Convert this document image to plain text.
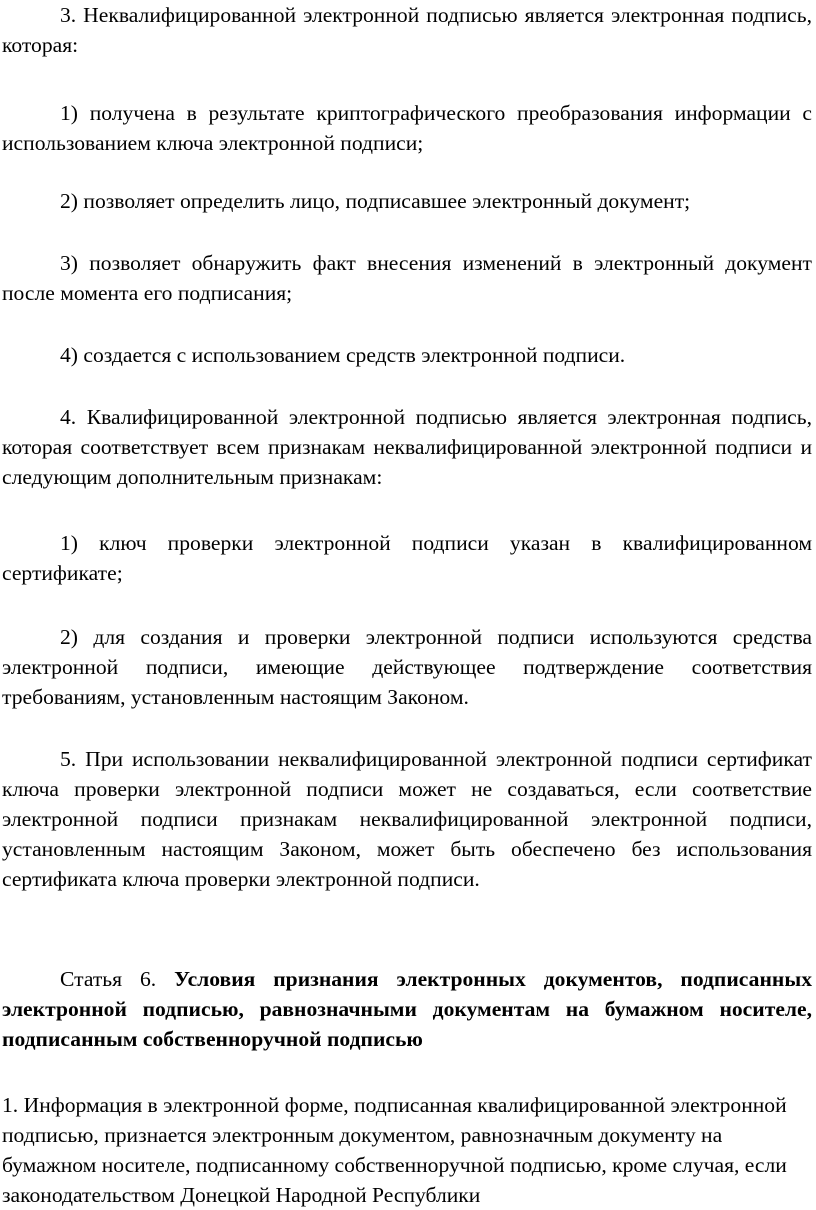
3. Неквалифицированной электронной подписью является электронная подпись, которая:

1) получена в результате криптографического преобразования информации с использованием ключа электронной подписи;

2) позволяет определить лицо, подписавшее электронный документ;

3) позволяет обнаружить факт внесения изменений в электронный документ после момента его подписания;

4) создается с использованием средств электронной подписи.

4. Квалифицированной электронной подписью является электронная подпись, которая соответствует всем признакам неквалифицированной электронной подписи и следующим дополнительным признакам:

1) ключ проверки электронной подписи указан в квалифицированном сертификате;

2) для создания и проверки электронной подписи используются средства электронной подписи, имеющие действующее подтверждение соответствия требованиям, установленным настоящим Законом.

5. При использовании неквалифицированной электронной подписи сертификат ключа проверки электронной подписи может не создаваться, если соответствие электронной подписи признакам неквалифицированной электронной подписи, установленным настоящим Законом, может быть обеспечено без использования сертификата ключа проверки электронной подписи.

Статья 6. Условия признания электронных документов, подписанных электронной подписью, равнозначными документам на бумажном носителе, подписанным собственноручной подписью

1. Информация в электронной форме, подписанная квалифицированной электронной подписью, признается электронным документом, равнозначным документу на бумажном носителе, подписанному собственноручной подписью, кроме случая, если законодательством Донецкой Народной Республики
